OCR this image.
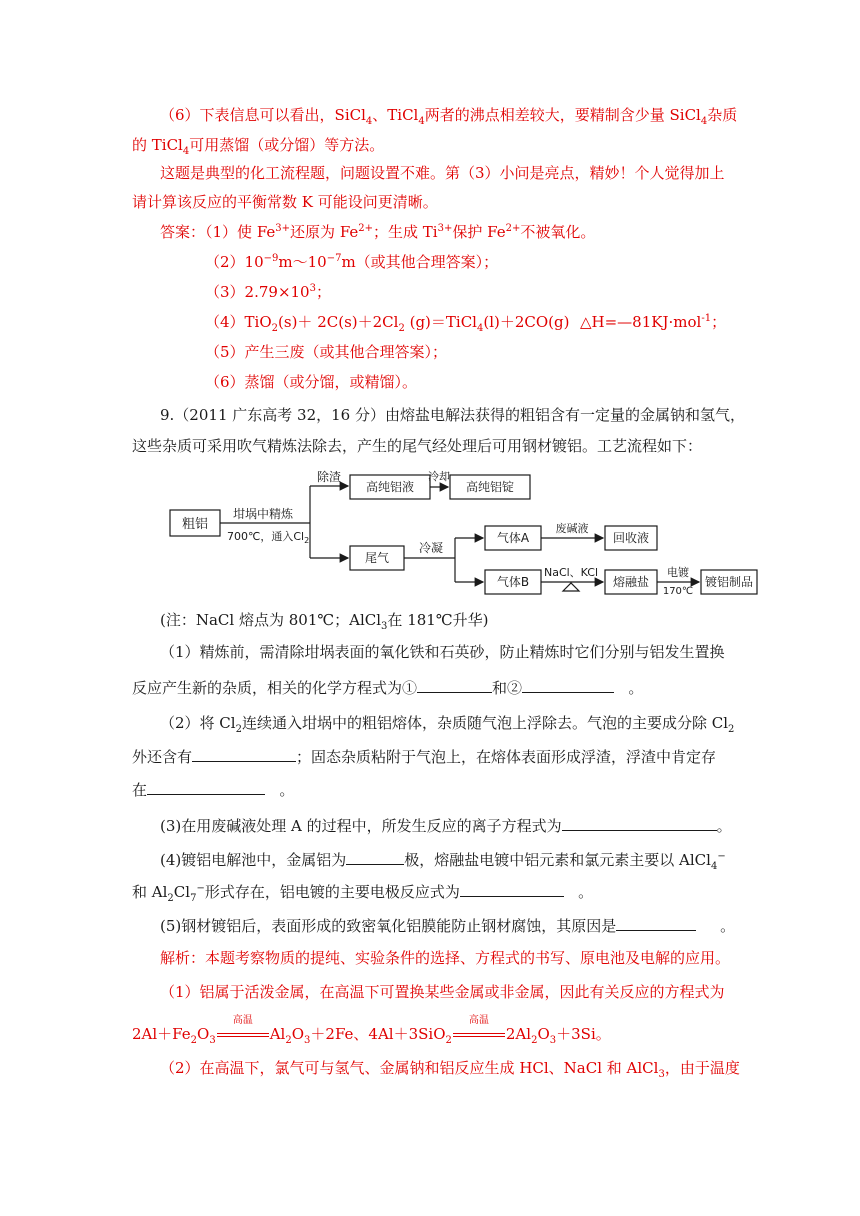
（6）下表信息可以看出，SiCl$_4$、TiCl$_4$两者的沸点相差较大，要精制含少量 SiCl$_4$杂质
的 TiCl$_4$可用蒸馏（或分馏）等方法。
这题是典型的化工流程题，问题设置不难。第（3）小问是亮点，精妙！个人觉得加上
请计算该反应的平衡常数 K 可能设问更清晰。
答案：（1）使 $Fe^{3+}$还原为 $Fe^{2+}$；生成 $Ti^{3+}$保护 $Fe^{2+}$不被氧化。
$(2)10^{-9}m\sim 10^{-7}m$（或其他合理答案）；
$(3)2.79\times 10^3$；
$(4)TiO_2(s)+ 2C(s)+2Cl_2$ (g)＝TiCl$_4$(l)＋2CO(g) △H=—81KJ·mol$^{-1}$；
（5）产生三废（或其他合理答案）；
（6）蒸馏（或分馏，或精馏）。
9.（2011 广东高考 32，16 分）由熔盐电解法获得的粗铝含有一定量的金属钠和氢气，
这些杂质可采用吹气精炼法除去，产生的尾气经处理后可用钢材镀铝。工艺流程如下：
粗铝
坩埚中精炼
700℃，通入$Cl_2$
除渣
高纯铝液
冷却
高纯铝锭
尾气
冷凝
气体A
废碱液
回收液
气体B
NaCl、KCl
熔融盐
电镀
170℃
镀铝制品
(注：NaCl 熔点为 801℃；AlCl$_3$在 181℃升华)
（1）精炼前，需清除坩埚表面的氧化铁和石英砂，防止精炼时它们分别与铝发生置换
反应产生新的杂质，相关的化学方程式为①	和②	。
（2）将 $Cl_2$连续通入坩埚中的粗铝熔体，杂质随气泡上浮除去。气泡的主要成分除 $Cl_2$
外还含有	；固态杂质粘附于气泡上，在熔体表面形成浮渣，浮渣中肯定存
在	。
(3)在用废碱液处理 A 的过程中，所发生反应的离子方程式为	。
(4)镀铝电解池中，金属铝为	极，熔融盐电镀中铝元素和氯元素主要以 AlCl$_4$−
和 $Al_2Cl_7^-$形式存在，铝电镀的主要电极反应式为	。
(5)钢材镀铝后，表面形成的致密氧化铝膜能防止钢材腐蚀，其原因是	。
解析：本题考察物质的提纯、实验条件的选择、方程式的书写、原电池及电解的应用。
（1）铝属于活泼金属，在高温下可置换某些金属或非金属，因此有关反应的方程式为
$2Al+Fe_2O_3$
高温
$Al_2O_3+2Fe$、4Al＋3SiO$_2$
高温
$2Al_2O_3+3Si$。
（2）在高温下，氯气可与氢气、金属钠和铝反应生成 HCl、NaCl 和 AlCl$_3$，由于温度
